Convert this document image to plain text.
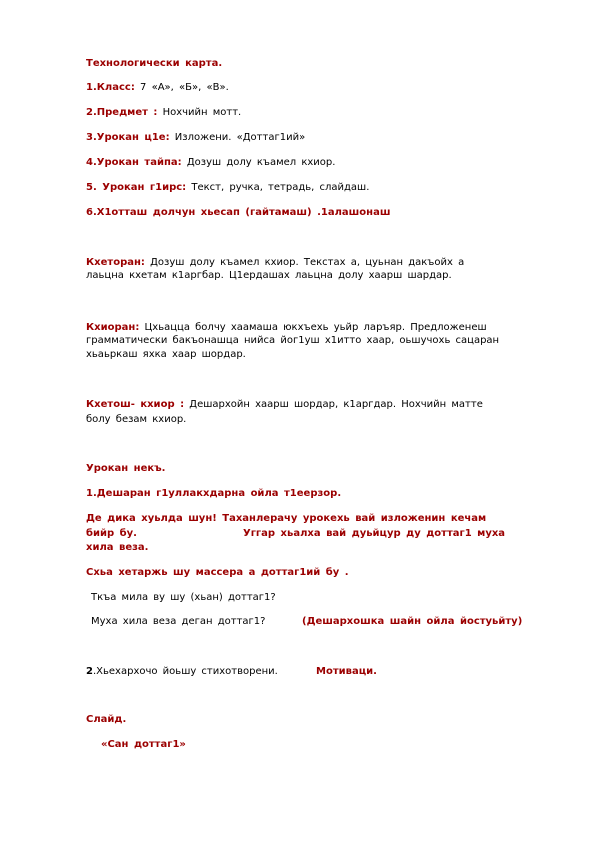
Технологически карта.
1.Класс: 7 «А», «Б», «В».
2.Предмет : Нохчийн мотт.
3.Урокан ц1е: Изложени. «Доттаг1ий»
4.Урокан тайпа: Дозуш долу къамел кхиор.
5. Урокан г1ирс: Текст, ручка, тетрадь, слайдаш.
6.Х1отташ долчун хьесап (гайтамаш) .1алашонаш
Кхеторан: Дозуш долу къамел кхиор. Текстах а, цуьнан дакъойх а
лаьцна кхетам к1аргбар. Ц1ердашах лаьцна долу хаарш шардар.
Кхиоран: Цхьацца болчу хаамаша юкхъехь уьйр ларъяр. Предложенеш
грамматически бакъонашца нийса йог1уш х1итто хаар, оьшучохь сацаран
хьаьркаш яхка хаар шордар.
Кхетош- кхиор : Дешархойн хаарш шордар, к1аргдар. Нохчийн матте
болу безам кхиор.
Урокан некъ.
1.Дешаран г1уллакхдарна ойла т1еерзор.
Де дика хуьлда шун! Таханлерачу урокехь вай изложенин кечам
бийр бу.	Уггар хьалха вай дуьйцур ду доттаг1 муха
хила веза.
Схьа хетаржь шу массера а доттаг1ий бу .
Ткъа мила ву шу (хьан) доттаг1?
Муха хила веза деган доттаг1?	(Дешархошка шайн ойла йостуьйту)
2.Хьехархочо йоьшу стихотворени.	Мотиваци.
Слайд.
«Сан доттаг1»
